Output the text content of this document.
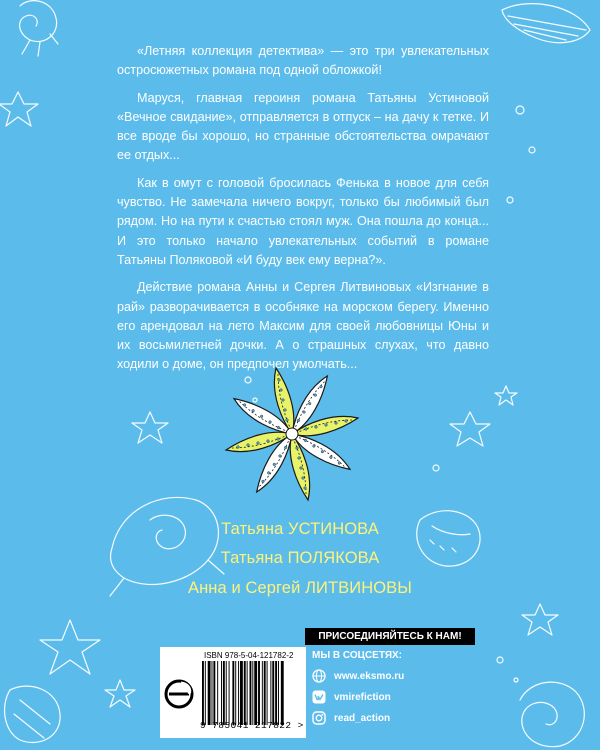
«Летняя коллекция детектива» — это три увлекательных остросюжетных романа под одной обложкой!

Маруся, главная героиня романа Татьяны Устиновой «Вечное свидание», отправляется в отпуск – на дачу к тетке. И все вроде бы хорошо, но странные обстоятельства омрачают ее отдых...

Как в омут с головой бросилась Фенька в новое для себя чувство. Не замечала ничего вокруг, только бы любимый был рядом. Но на пути к счастью стоял муж. Она пошла до конца... И это только начало увлекательных событий в романе Татьяны Поляковой «И буду век ему верна?».

Действие романа Анны и Сергея Литвиновых «Изгнание в рай» разворачивается в особняке на морском берегу. Именно его арендовал на лето Максим для своей любовницы Юны и их восьмилетней дочки. А о страшных слухах, что давно ходили о доме, он предпочел умолчать...

Татьяна УСТИНОВА
Татьяна ПОЛЯКОВА
Анна и Сергей ЛИТВИНОВЫ
ISBN 978-5-04-121782-2
9 785041 217822 >
ПРИСОЕДИНЯЙТЕСЬ К НАМ!
МЫ В СОЦСЕТЯХ:
www.eksmo.ru
vmirefiction
read_action
